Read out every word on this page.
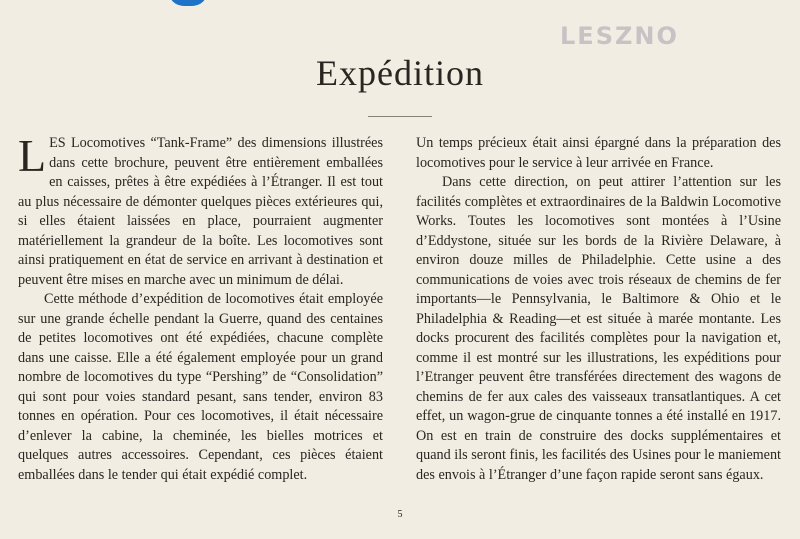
LESZNO
Expédition

LES Locomotives “Tank-Frame” des dimensions illustrées dans cette brochure, peuvent être entièrement emballées en caisses, prêtes à être expédiées à l’Étranger. Il est tout au plus nécessaire de démonter quelques pièces extérieures qui, si elles étaient laissées en place, pourraient augmenter matériellement la grandeur de la boîte. Les locomotives sont ainsi pratiquement en état de service en arrivant à destination et peuvent être mises en marche avec un minimum de délai.

Cette méthode d’expédition de locomotives était employée sur une grande échelle pendant la Guerre, quand des centaines de petites locomotives ont été expédiées, chacune complète dans une caisse. Elle a été également employée pour un grand nombre de locomotives du type “Pershing” de “Consolidation” qui sont pour voies standard pesant, sans tender, environ 83 tonnes en opération. Pour ces locomotives, il était nécessaire d’enlever la cabine, la cheminée, les bielles motrices et quelques autres accessoires. Cependant, ces pièces étaient emballées dans le tender qui était expédié complet.

Un temps précieux était ainsi épargné dans la préparation des locomotives pour le service à leur arrivée en France.

Dans cette direction, on peut attirer l’attention sur les facilités complètes et extraordinaires de la Baldwin Locomotive Works. Toutes les locomotives sont montées à l’Usine d’Eddystone, située sur les bords de la Rivière Delaware, à environ douze milles de Philadelphie. Cette usine a des communications de voies avec trois réseaux de chemins de fer importants—le Pennsylvania, le Baltimore & Ohio et le Philadelphia & Reading—et est située à marée montante. Les docks procurent des facilités complètes pour la navigation et, comme il est montré sur les illustrations, les expéditions pour l’Etranger peuvent être transférées directement des wagons de chemins de fer aux cales des vaisseaux transatlantiques. A cet effet, un wagon-grue de cinquante tonnes a été installé en 1917. On est en train de construire des docks supplémentaires et quand ils seront finis, les facilités des Usines pour le maniement des envois à l’Étranger d’une façon rapide seront sans égaux.

5
